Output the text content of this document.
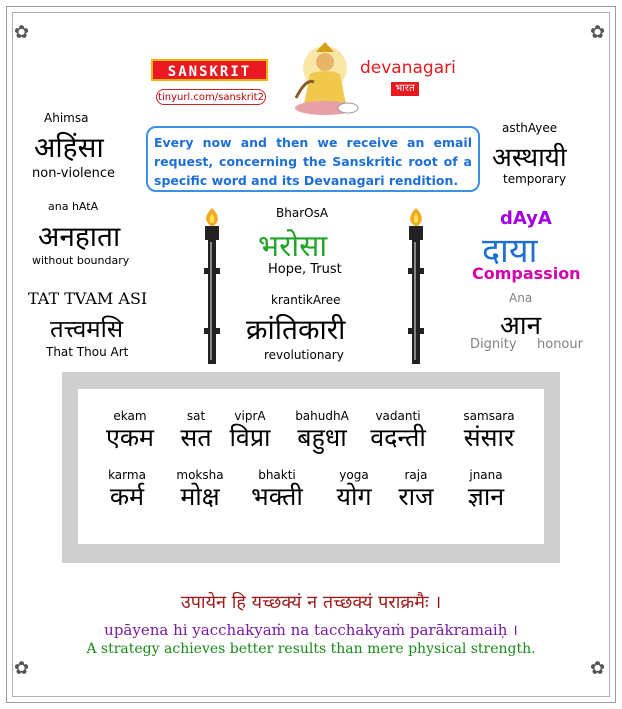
✿	✿
✿	✿
SANSKRIT
tinyurl.com/sanskrit2
devanagari
भारत
Every now and then we receive an email request, concerning the Sanskritic root of a specific word and its Devanagari rendition.
Ahimsa
अहिंसा
non-violence
asthAyee
अस्थायी
temporary
ana hAtA
अनहाता
without boundary
BharOsA
भरोसा
Hope, Trust
dAyA
दाया
Compassion
TAT TVAM ASI
तत्त्वमसि
That Thou Art
krantikAree
क्रांतिकारी
revolutionary
Ana
आन
Dignity honour
ekam
एकम
sat
सत
viprA
विप्रा
bahudhA
बहुधा
vadanti
वदन्ती
samsara
संसार
karma
कर्म
moksha
मोक्ष
bhakti
भक्ती
yoga
योग
raja
राज
jnana
ज्ञान
उपायेन हि यच्छक्यं न तच्छक्यं पराक्रमैः ।
upāyena hi yacchakyaṁ na tacchakyaṁ parākramaiḥ ।
A strategy achieves better results than mere physical strength.
